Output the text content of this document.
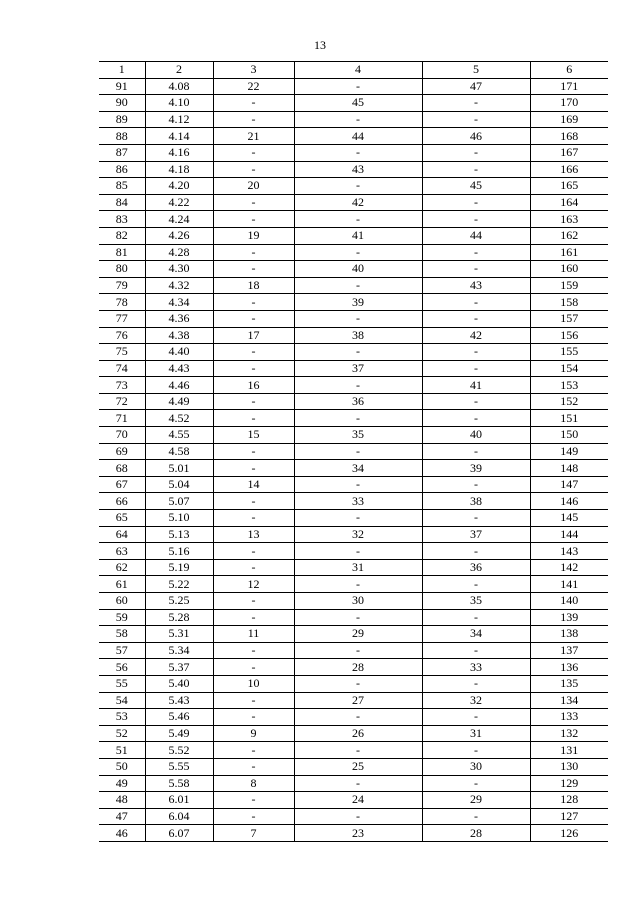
13
1	2	3	4	5	6
91	4.08	22	-	47	171
90	4.10	-	45	-	170
89	4.12	-	-	-	169
88	4.14	21	44	46	168
87	4.16	-	-	-	167
86	4.18	-	43	-	166
85	4.20	20	-	45	165
84	4.22	-	42	-	164
83	4.24	-	-	-	163
82	4.26	19	41	44	162
81	4.28	-	-	-	161
80	4.30	-	40	-	160
79	4.32	18	-	43	159
78	4.34	-	39	-	158
77	4.36	-	-	-	157
76	4.38	17	38	42	156
75	4.40	-	-	-	155
74	4.43	-	37	-	154
73	4.46	16	-	41	153
72	4.49	-	36	-	152
71	4.52	-	-	-	151
70	4.55	15	35	40	150
69	4.58	-	-	-	149
68	5.01	-	34	39	148
67	5.04	14	-	-	147
66	5.07	-	33	38	146
65	5.10	-	-	-	145
64	5.13	13	32	37	144
63	5.16	-	-	-	143
62	5.19	-	31	36	142
61	5.22	12	-	-	141
60	5.25	-	30	35	140
59	5.28	-	-	-	139
58	5.31	11	29	34	138
57	5.34	-	-	-	137
56	5.37	-	28	33	136
55	5.40	10	-	-	135
54	5.43	-	27	32	134
53	5.46	-	-	-	133
52	5.49	9	26	31	132
51	5.52	-	-	-	131
50	5.55	-	25	30	130
49	5.58	8	-	-	129
48	6.01	-	24	29	128
47	6.04	-	-	-	127
46	6.07	7	23	28	126
